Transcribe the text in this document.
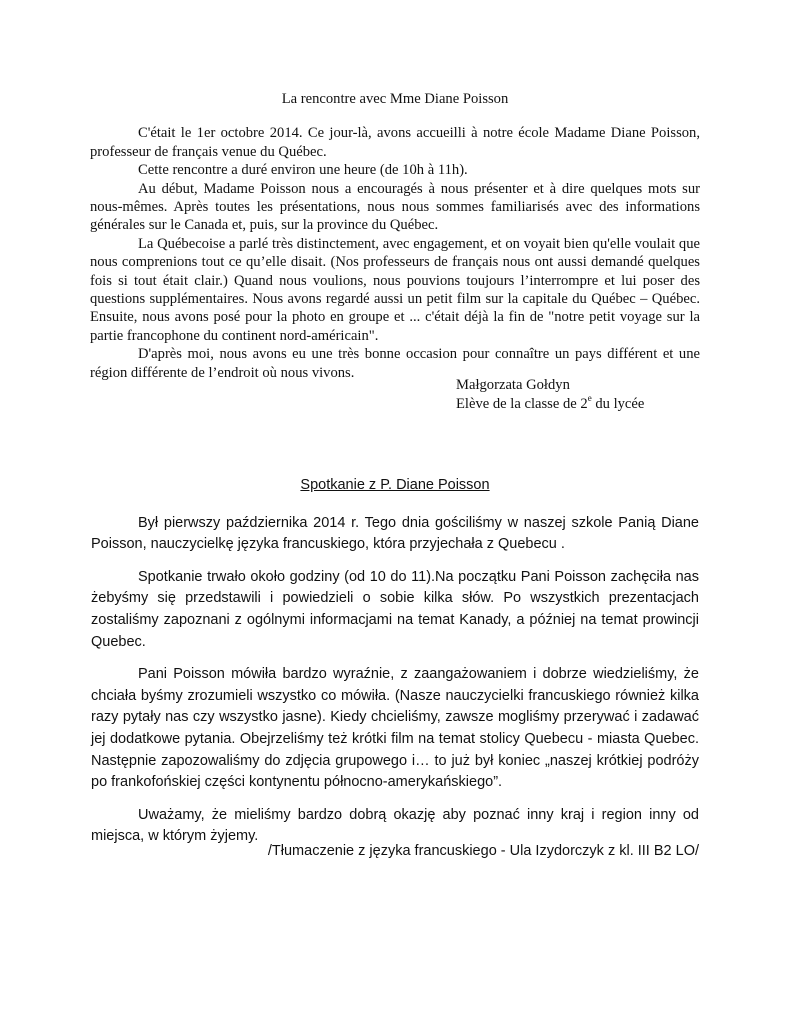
La rencontre avec Mme Diane Poisson

C'était le 1er octobre 2014. Ce jour-là, avons accueilli à notre école Madame Diane Poisson, professeur de français venue du Québec.

Cette rencontre a duré environ une heure (de 10h à 11h).

Au début, Madame Poisson nous a encouragés à nous présenter et à dire quelques mots sur nous-mêmes. Après toutes les présentations, nous nous sommes familiarisés avec des informations générales sur le Canada et, puis, sur la province du Québec.

La Québecoise a parlé très distinctement, avec engagement, et on voyait bien qu'elle voulait que nous comprenions tout ce qu’elle disait. (Nos professeurs de français nous ont aussi demandé quelques fois si tout était clair.) Quand nous voulions, nous pouvions toujours l’interrompre et lui poser des questions supplémentaires. Nous avons regardé aussi un petit film sur la capitale du Québec – Québec. Ensuite, nous avons posé pour la photo en groupe et ... c'était déjà la fin de "notre petit voyage sur la partie francophone du continent nord-américain".

D'après moi, nous avons eu une très bonne occasion pour connaître un pays différent et une région différente de l’endroit où nous vivons.

Małgorzata Gołdyn
Elève de la classe de 2e du lycée
Spotkanie z P. Diane Poisson

Był pierwszy października 2014 r. Tego dnia gościliśmy w naszej szkole Panią Diane Poisson, nauczycielkę języka francuskiego, która przyjechała z Quebecu .

Spotkanie trwało około godziny (od 10 do 11).Na początku Pani Poisson zachęciła nas żebyśmy się przedstawili i powiedzieli o sobie kilka słów. Po wszystkich prezentacjach zostaliśmy zapoznani z ogólnymi informacjami na temat Kanady, a później na temat prowincji Quebec.

Pani Poisson mówiła bardzo wyraźnie, z zaangażowaniem i dobrze wiedzieliśmy, że chciała byśmy zrozumieli wszystko co mówiła. (Nasze nauczycielki francuskiego również kilka razy pytały nas czy wszystko jasne). Kiedy chcieliśmy, zawsze mogliśmy przerywać i zadawać jej dodatkowe pytania. Obejrzeliśmy też krótki film na temat stolicy Quebecu - miasta Quebec. Następnie zapozowaliśmy do zdjęcia grupowego i… to już był koniec „naszej krótkiej podróży po frankofońskiej części kontynentu północno-amerykańskiego”.

Uważamy, że mieliśmy bardzo dobrą okazję aby poznać inny kraj i region inny od miejsca, w którym żyjemy.

/Tłumaczenie z języka francuskiego - Ula Izydorczyk z kl. III B2 LO/
